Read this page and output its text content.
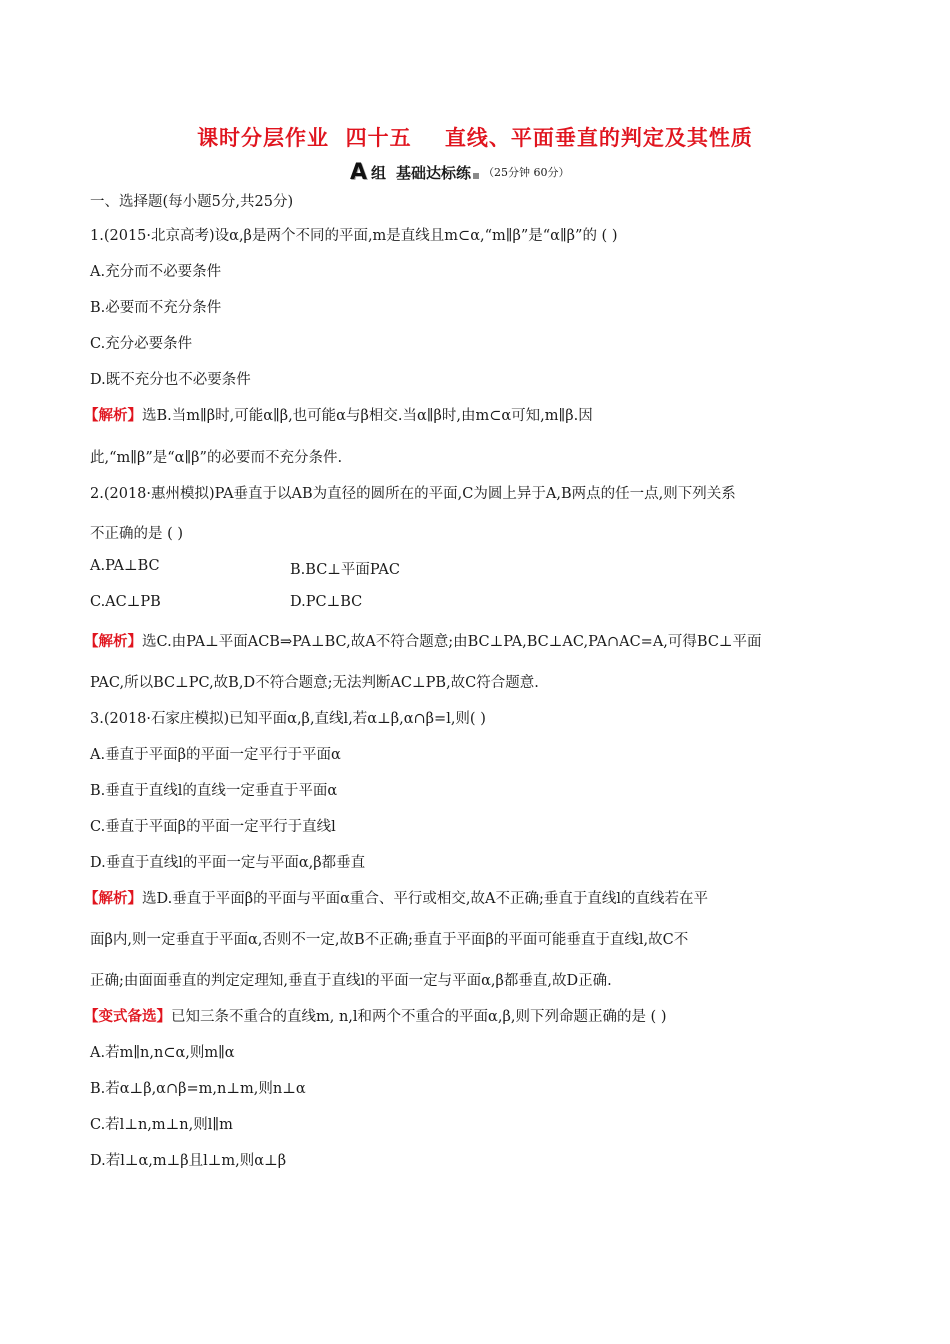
课时分层作业  四十五    直线、平面垂直的判定及其性质
A 组 基础达标练 （25分钟 60分）
一、选择题(每小题5分,共25分)
1.(2015·北京高考)设α,β是两个不同的平面,m是直线且m⊂α,“m∥β”是“α∥β”的 ( )
A.充分而不必要条件
B.必要而不充分条件
C.充分必要条件
D.既不充分也不必要条件
【解析】选B.当m∥β时,可能α∥β,也可能α与β相交.当α∥β时,由m⊂α可知,m∥β.因
此,“m∥β”是“α∥β”的必要而不充分条件.
2.(2018·惠州模拟)PA垂直于以AB为直径的圆所在的平面,C为圆上异于A,B两点的任一点,则下列关系
不正确的是 ( )
A.PA⊥BC	B.BC⊥平面PAC
C.AC⊥PB	D.PC⊥BC
【解析】选C.由PA⊥平面ACB⇒PA⊥BC,故A不符合题意;由BC⊥PA,BC⊥AC,PA∩AC=A,可得BC⊥平面
PAC,所以BC⊥PC,故B,D不符合题意;无法判断AC⊥PB,故C符合题意.
3.(2018·石家庄模拟)已知平面α,β,直线l,若α⊥β,α∩β=l,则( )
A.垂直于平面β的平面一定平行于平面α
B.垂直于直线l的直线一定垂直于平面α
C.垂直于平面β的平面一定平行于直线l
D.垂直于直线l的平面一定与平面α,β都垂直
【解析】选D.垂直于平面β的平面与平面α重合、平行或相交,故A不正确;垂直于直线l的直线若在平
面β内,则一定垂直于平面α,否则不一定,故B不正确;垂直于平面β的平面可能垂直于直线l,故C不
正确;由面面垂直的判定定理知,垂直于直线l的平面一定与平面α,β都垂直,故D正确.
【变式备选】已知三条不重合的直线m, n,l和两个不重合的平面α,β,则下列命题正确的是 ( )
A.若m∥n,n⊂α,则m∥α
B.若α⊥β,α∩β=m,n⊥m,则n⊥α
C.若l⊥n,m⊥n,则l∥m
D.若l⊥α,m⊥β且l⊥m,则α⊥β
